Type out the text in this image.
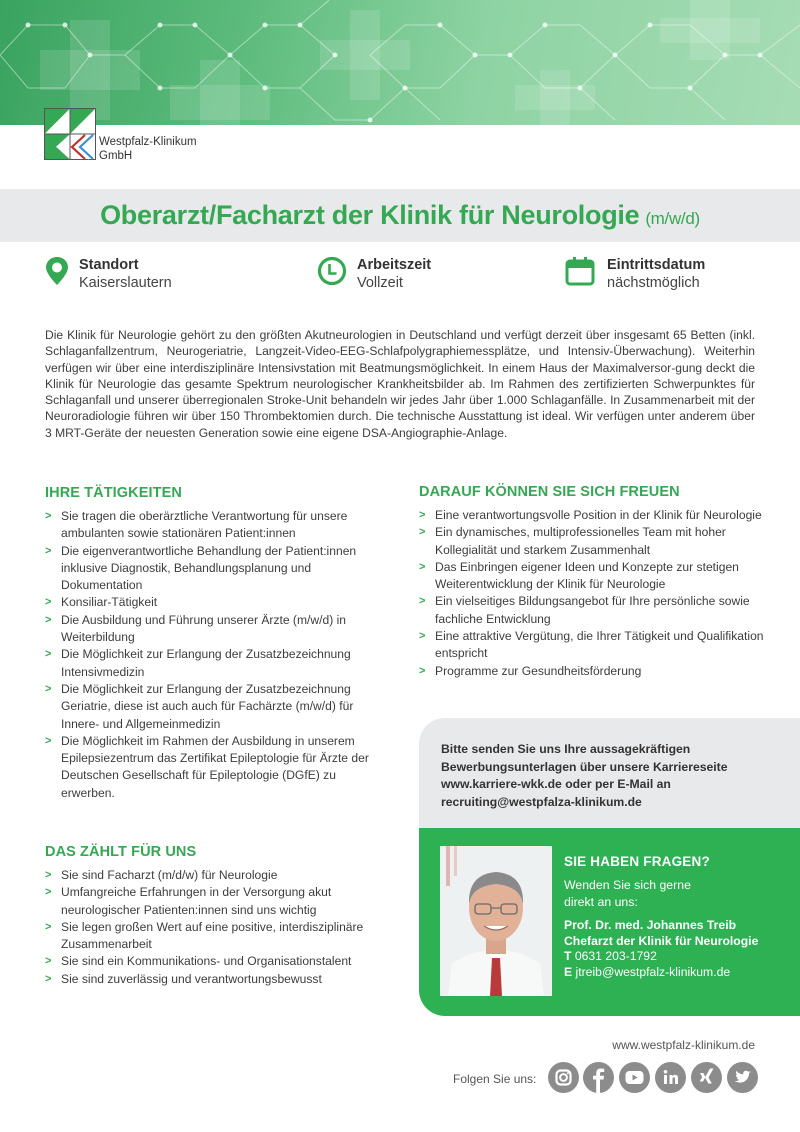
Westpfalz-Klinikum
GmbH
Oberarzt/Facharzt der Klinik für Neurologie (m/w/d)
Standort
Kaiserslautern
Arbeitszeit
Vollzeit
Eintrittsdatum
nächstmöglich

Die Klinik für Neurologie gehört zu den größten Akutneurologien in Deutschland und verfügt derzeit über insgesamt 65 Betten (inkl. Schlaganfallzentrum, Neurogeriatrie, Langzeit-Video-EEG-Schlafpolygraphiemessplätze, und Intensiv-Überwachung). Weiterhin verfügen wir über eine interdisziplinäre Intensivstation mit Beatmungsmöglichkeit. In einem Haus der Maximalversor-gung deckt die Klinik für Neurologie das gesamte Spektrum neurologischer Krankheitsbilder ab. Im Rahmen des zertifizierten Schwerpunktes für Schlaganfall und unserer überregionalen Stroke-Unit behandeln wir jedes Jahr über 1.000 Schlaganfälle. In Zusammenarbeit mit der Neuroradiologie führen wir über 150 Thrombektomien durch. Die technische Ausstattung ist ideal. Wir verfügen unter anderem über 3 MRT-Geräte der neuesten Generation sowie eine eigene DSA-Angiographie-Anlage.

IHRE TÄTIGKEITEN
> Sie tragen die oberärztliche Verantwortung für unsere ambulanten sowie stationären Patient:innen
> Die eigenverantwortliche Behandlung der Patient:innen inklusive Diagnostik, Behandlungsplanung und Dokumentation
> Konsiliar-Tätigkeit
> Die Ausbildung und Führung unserer Ärzte (m/w/d) in Weiterbildung
> Die Möglichkeit zur Erlangung der Zusatzbezeichnung Intensivmedizin
> Die Möglichkeit zur Erlangung der Zusatzbezeichnung Geriatrie, diese ist auch auch für Fachärzte (m/w/d) für Innere- und Allgemeinmedizin
> Die Möglichkeit im Rahmen der Ausbildung in unserem Epilepsiezentrum das Zertifikat Epileptologie für Ärzte der Deutschen Gesellschaft für Epileptologie (DGfE) zu erwerben.
DARAUF KÖNNEN SIE SICH FREUEN
> Eine verantwortungsvolle Position in der Klinik für Neurologie
> Ein dynamisches, multiprofessionelles Team mit hoher Kollegialität und starkem Zusammenhalt
> Das Einbringen eigener Ideen und Konzepte zur stetigen Weiterentwicklung der Klinik für Neurologie
> Ein vielseitiges Bildungsangebot für Ihre persönliche sowie fachliche Entwicklung
> Eine attraktive Vergütung, die Ihrer Tätigkeit und Qualifikation entspricht
> Programme zur Gesundheitsförderung
DAS ZÄHLT FÜR UNS
> Sie sind Facharzt (m/d/w) für Neurologie
> Umfangreiche Erfahrungen in der Versorgung akut neurologischer Patienten:innen sind uns wichtig
> Sie legen großen Wert auf eine positive, interdisziplinäre Zusammenarbeit
> Sie sind ein Kommunikations- und Organisationstalent
> Sie sind zuverlässig und verantwortungsbewusst

Bitte senden Sie uns Ihre aussagekräftigen
Bewerbungsunterlagen über unsere Karriereseite
www.karriere-wkk.de oder per E-Mail an
recruiting@westpfalza-klinikum.de

SIE HABEN FRAGEN?
Wenden Sie sich gerne
direkt an uns:
Prof. Dr. med. Johannes Treib
Chefarzt der Klinik für Neurologie
T 0631 203-1792
E jtreib@westpfalz-klinikum.de
www.westpfalz-klinikum.de
Folgen Sie uns:
